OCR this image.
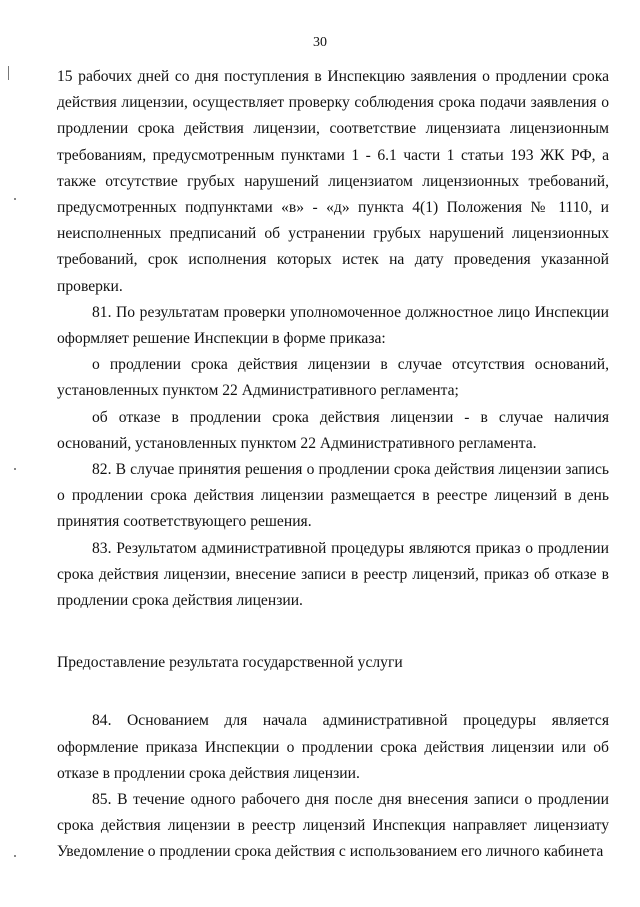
30

15 рабочих дней со дня поступления в Инспекцию заявления о продлении срока действия лицензии, осуществляет проверку соблюдения срока подачи заявления о продлении срока действия лицензии, соответствие лицензиата лицензионным требованиям, предусмотренным пунктами 1 - 6.1 части 1 статьи 193 ЖК РФ, а также отсутствие грубых нарушений лицензиатом лицензионных требований, предусмотренных подпунктами «в» - «д» пункта 4(1) Положения № 1110, и неисполненных предписаний об устранении грубых нарушений лицензионных требований, срок исполнения которых истек на дату проведения указанной проверки.

81. По результатам проверки уполномоченное должностное лицо Инспекции оформляет решение Инспекции в форме приказа:

о продлении срока действия лицензии в случае отсутствия оснований, установленных пунктом 22 Административного регламента;

об отказе в продлении срока действия лицензии - в случае наличия оснований, установленных пунктом 22 Административного регламента.

82. В случае принятия решения о продлении срока действия лицензии запись о продлении срока действия лицензии размещается в реестре лицензий в день принятия соответствующего решения.

83. Результатом административной процедуры являются приказ о продлении срока действия лицензии, внесение записи в реестр лицензий, приказ об отказе в продлении срока действия лицензии.

Предоставление результата государственной услуги

84. Основанием для начала административной процедуры является оформление приказа Инспекции о продлении срока действия лицензии или об отказе в продлении срока действия лицензии.

85. В течение одного рабочего дня после дня внесения записи о продлении срока действия лицензии в реестр лицензий Инспекция направляет лицензиату Уведомление о продлении срока действия с использованием его личного кабинета
